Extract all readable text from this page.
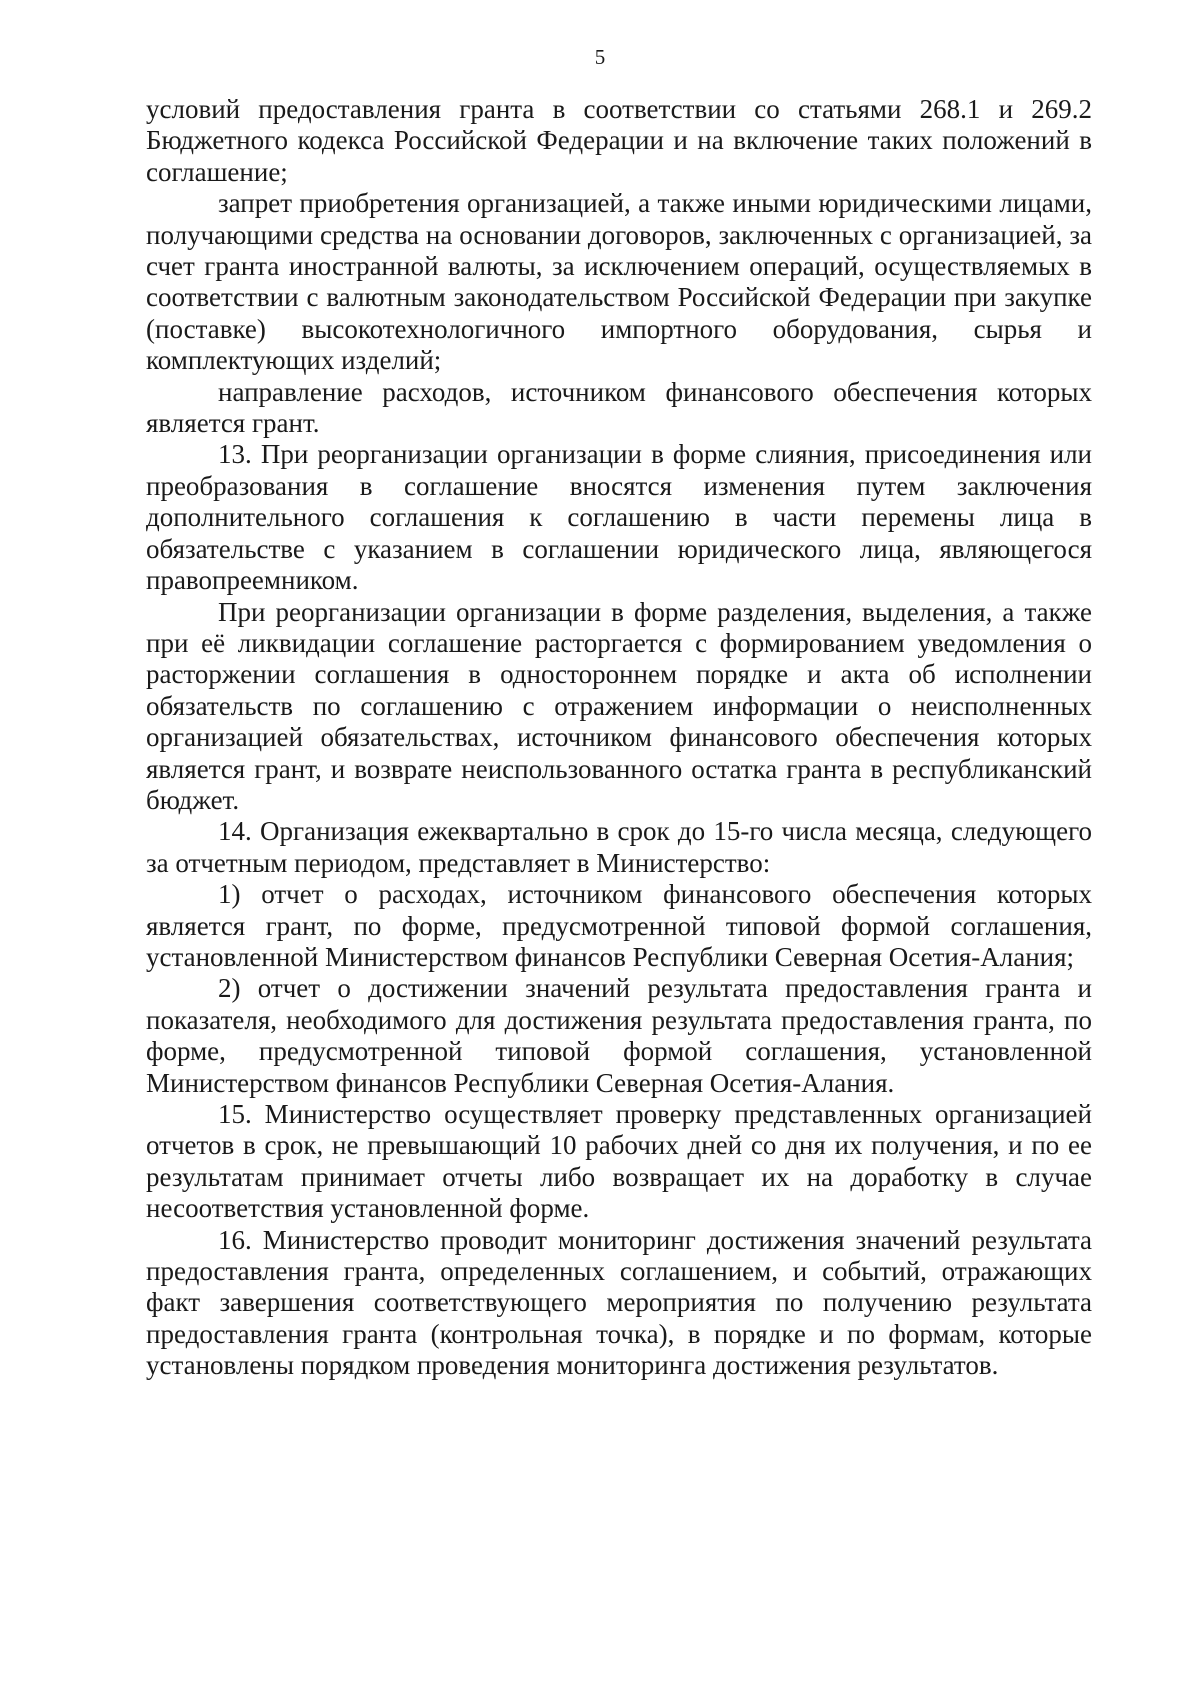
5

условий предоставления гранта в соответствии со статьями 268.1 и 269.2 Бюджетного кодекса Российской Федерации и на включение таких положений в соглашение;

запрет приобретения организацией, а также иными юридическими лицами, получающими средства на основании договоров, заключенных с организацией, за счет гранта иностранной валюты, за исключением операций, осуществляемых в соответствии с валютным законодательством Российской Федерации при закупке (поставке) высокотехнологичного импортного оборудования, сырья и комплектующих изделий;

направление расходов, источником финансового обеспечения которых является грант.

13. При реорганизации организации в форме слияния, присоединения или преобразования в соглашение вносятся изменения путем заключения дополнительного соглашения к соглашению в части перемены лица в обязательстве с указанием в соглашении юридического лица, являющегося правопреемником.

При реорганизации организации в форме разделения, выделения, а также при её ликвидации соглашение расторгается с формированием уведомления о расторжении соглашения в одностороннем порядке и акта об исполнении обязательств по соглашению с отражением информации о неисполненных организацией обязательствах, источником финансового обеспечения которых является грант, и возврате неиспользованного остатка гранта в республиканский бюджет.

14. Организация ежеквартально в срок до 15-го числа месяца, следующего за отчетным периодом, представляет в Министерство:

1) отчет о расходах, источником финансового обеспечения которых является грант, по форме, предусмотренной типовой формой соглашения, установленной Министерством финансов Республики Северная Осетия-Алания;

2) отчет о достижении значений результата предоставления гранта и показателя, необходимого для достижения результата предоставления гранта, по форме, предусмотренной типовой формой соглашения, установленной Министерством финансов Республики Северная Осетия-Алания.

15. Министерство осуществляет проверку представленных организацией отчетов в срок, не превышающий 10 рабочих дней со дня их получения, и по ее результатам принимает отчеты либо возвращает их на доработку в случае несоответствия установленной форме.

16. Министерство проводит мониторинг достижения значений результата предоставления гранта, определенных соглашением, и событий, отражающих факт завершения соответствующего мероприятия по получению результата предоставления гранта (контрольная точка), в порядке и по формам, которые установлены порядком проведения мониторинга достижения результатов.
